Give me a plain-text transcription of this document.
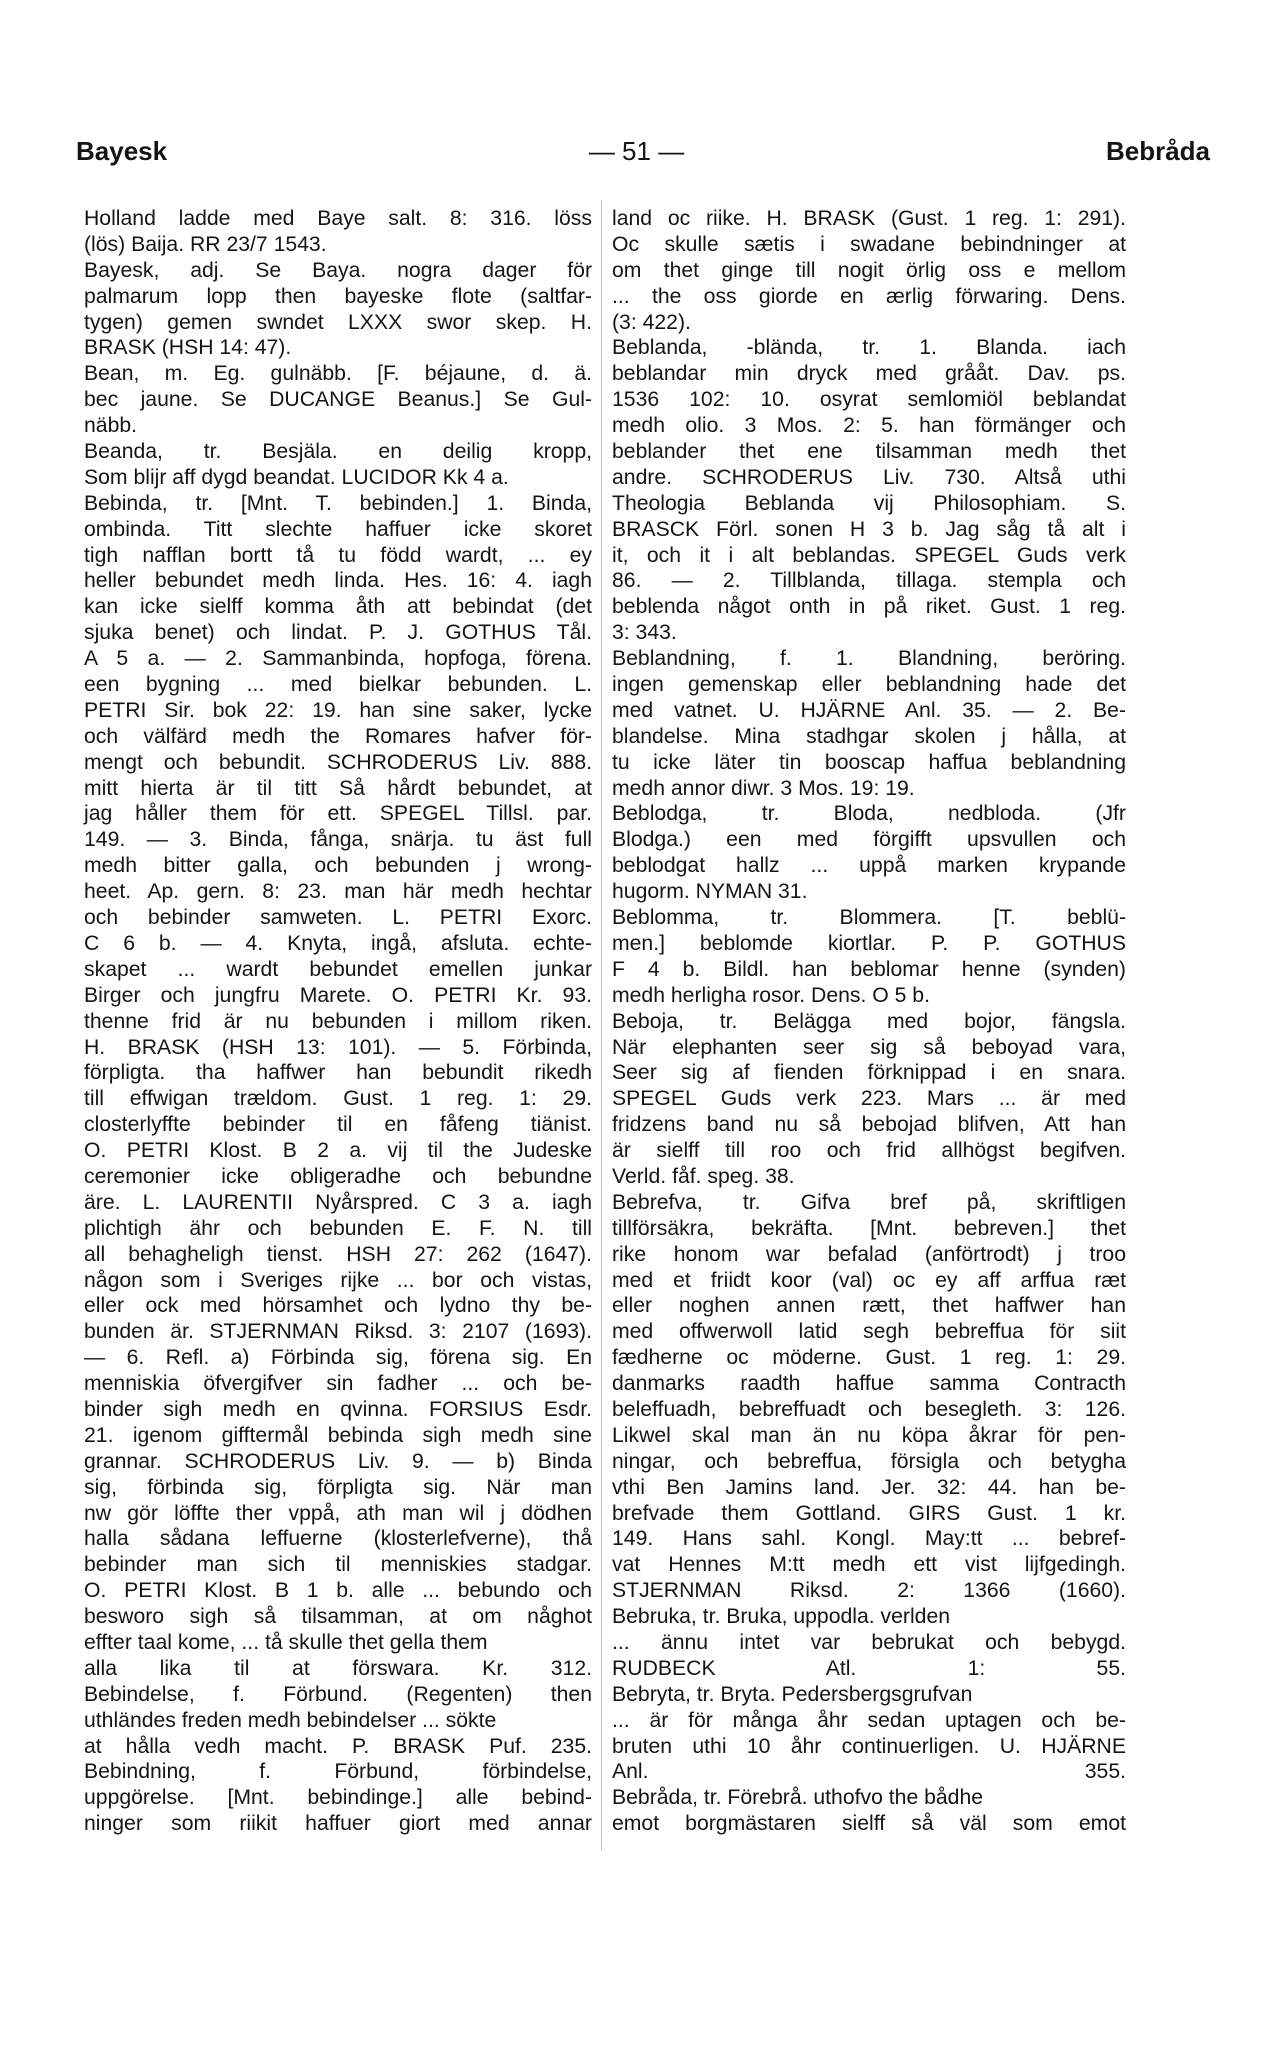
Bayesk	— 51 —	Bebråda
Holland ladde med Baye salt. 8: 316. löss
(lös) Baija. RR 23/7 1543.
Bayesk, adj. Se Baya. nogra dager för
palmarum lopp then bayeske flote (saltfar-
tygen) gemen swndet LXXX swor skep. H.
BRASK (HSH 14: 47).
Bean, m. Eg. gulnäbb. [F. béjaune, d. ä.
bec jaune. Se DUCANGE Beanus.] Se Gul-
näbb.
Beanda, tr. Besjäla. en deilig kropp,
Som blijr aff dygd beandat. LUCIDOR Kk 4 a.
Bebinda, tr. [Mnt. T. bebinden.] 1. Binda,
ombinda. Titt slechte haffuer icke skoret
tigh nafflan bortt tå tu född wardt, ... ey
heller bebundet medh linda. Hes. 16: 4. iagh
kan icke sielff komma åth att bebindat (det
sjuka benet) och lindat. P. J. GOTHUS Tål.
A 5 a. — 2. Sammanbinda, hopfoga, förena.
een bygning ... med bielkar bebunden. L.
PETRI Sir. bok 22: 19. han sine saker, lycke
och välfärd medh the Romares hafver för-
mengt och bebundit. SCHRODERUS Liv. 888.
mitt hierta är til titt Så hårdt bebundet, at
jag håller them för ett. SPEGEL Tillsl. par.
149. — 3. Binda, fånga, snärja. tu äst full
medh bitter galla, och bebunden j wrong-
heet. Ap. gern. 8: 23. man här medh hechtar
och bebinder samweten. L. PETRI Exorc.
C 6 b. — 4. Knyta, ingå, afsluta. echte-
skapet ... wardt bebundet emellen junkar
Birger och jungfru Marete. O. PETRI Kr. 93.
thenne frid är nu bebunden i millom riken.
H. BRASK (HSH 13: 101). — 5. Förbinda,
förpligta. tha haffwer han bebundit rikedh
till effwigan trældom. Gust. 1 reg. 1: 29.
closterlyffte bebinder til en fåfeng tiänist.
O. PETRI Klost. B 2 a. vij til the Judeske
ceremonier icke obligeradhe och bebundne
äre. L. LAURENTII Nyårspred. C 3 a. iagh
plichtigh ähr och bebunden E. F. N. till
all behagheligh tienst. HSH 27: 262 (1647).
någon som i Sveriges rijke ... bor och vistas,
eller ock med hörsamhet och lydno thy be-
bunden är. STJERNMAN Riksd. 3: 2107 (1693).
— 6. Refl. a) Förbinda sig, förena sig. En
menniskia öfvergifver sin fadher ... och be-
binder sigh medh en qvinna. FORSIUS Esdr.
21. igenom gifftermål bebinda sigh medh sine
grannar. SCHRODERUS Liv. 9. — b) Binda
sig, förbinda sig, förpligta sig. När man
nw gör löffte ther vppå, ath man wil j dödhen
halla sådana leffuerne (klosterlefverne), thå
bebinder man sich til menniskies stadgar.
O. PETRI Klost. B 1 b. alle ... bebundo och
besworo sigh så tilsamman, at om någhot
effter taal kome, ... tå skulle thet gella them
alla lika til at förswara. Kr. 312.
Bebindelse, f. Förbund. (Regenten) then
uthländes freden medh bebindelser ... sökte
at hålla vedh macht. P. BRASK Puf. 235.
Bebindning, f. Förbund, förbindelse,
uppgörelse. [Mnt. bebindinge.] alle bebind-
ninger som riikit haffuer giort med annar
land oc riike. H. BRASK (Gust. 1 reg. 1: 291).
Oc skulle sætis i swadane bebindninger at
om thet ginge till nogit örlig oss e mellom
... the oss giorde en ærlig förwaring. Dens.
(3: 422).
Beblanda, -blända, tr. 1. Blanda. iach
beblandar min dryck med grååt. Dav. ps.
1536 102: 10. osyrat semlomiöl beblandat
medh olio. 3 Mos. 2: 5. han förmänger och
beblander thet ene tilsamman medh thet
andre. SCHRODERUS Liv. 730. Altså uthi
Theologia Beblanda vij Philosophiam. S.
BRASCK Förl. sonen H 3 b. Jag såg tå alt i
it, och it i alt beblandas. SPEGEL Guds verk
86. — 2. Tillblanda, tillaga. stempla och
beblenda något onth in på riket. Gust. 1 reg.
3: 343.
Beblandning, f. 1. Blandning, beröring.
ingen gemenskap eller beblandning hade det
med vatnet. U. HJÄRNE Anl. 35. — 2. Be-
blandelse. Mina stadhgar skolen j hålla, at
tu icke läter tin booscap haffua beblandning
medh annor diwr. 3 Mos. 19: 19.
Beblodga, tr. Bloda, nedbloda. (Jfr
Blodga.) een med förgifft upsvullen och
beblodgat hallz ... uppå marken krypande
hugorm. NYMAN 31.
Beblomma, tr. Blommera. [T. beblü-
men.] beblomde kiortlar. P. P. GOTHUS
F 4 b. Bildl. han beblomar henne (synden)
medh herligha rosor. Dens. O 5 b.
Beboja, tr. Belägga med bojor, fängsla.
När elephanten seer sig så beboyad vara,
Seer sig af fienden förknippad i en snara.
SPEGEL Guds verk 223. Mars ... är med
fridzens band nu så bebojad blifven, Att han
är sielff till roo och frid allhögst begifven.
Verld. fåf. speg. 38.
Bebrefva, tr. Gifva bref på, skriftligen
tillförsäkra, bekräfta. [Mnt. bebreven.] thet
rike honom war befalad (anförtrodt) j troo
med et friidt koor (val) oc ey aff arffua ræt
eller noghen annen rætt, thet haffwer han
med offwerwoll latid segh bebreffua för siit
fædherne oc möderne. Gust. 1 reg. 1: 29.
danmarks raadth haffue samma Contracth
beleffuadh, bebreffuadt och besegleth. 3: 126.
Likwel skal man än nu köpa åkrar för pen-
ningar, och bebreffua, försigla och betygha
vthi Ben Jamins land. Jer. 32: 44. han be-
brefvade them Gottland. GIRS Gust. 1 kr.
149. Hans sahl. Kongl. May:tt ... bebref-
vat Hennes M:tt medh ett vist lijfgedingh.
STJERNMAN Riksd. 2: 1366 (1660).
Bebruka, tr. Bruka, uppodla. verlden
... ännu intet var bebrukat och bebygd.
RUDBECK Atl. 1: 55.
Bebryta, tr. Bryta. Pedersbergsgrufvan
... är för många åhr sedan uptagen och be-
bruten uthi 10 åhr continuerligen. U. HJÄRNE
Anl. 355.
Bebråda, tr. Förebrå. uthofvo the bådhe
emot borgmästaren sielff så väl som emot
